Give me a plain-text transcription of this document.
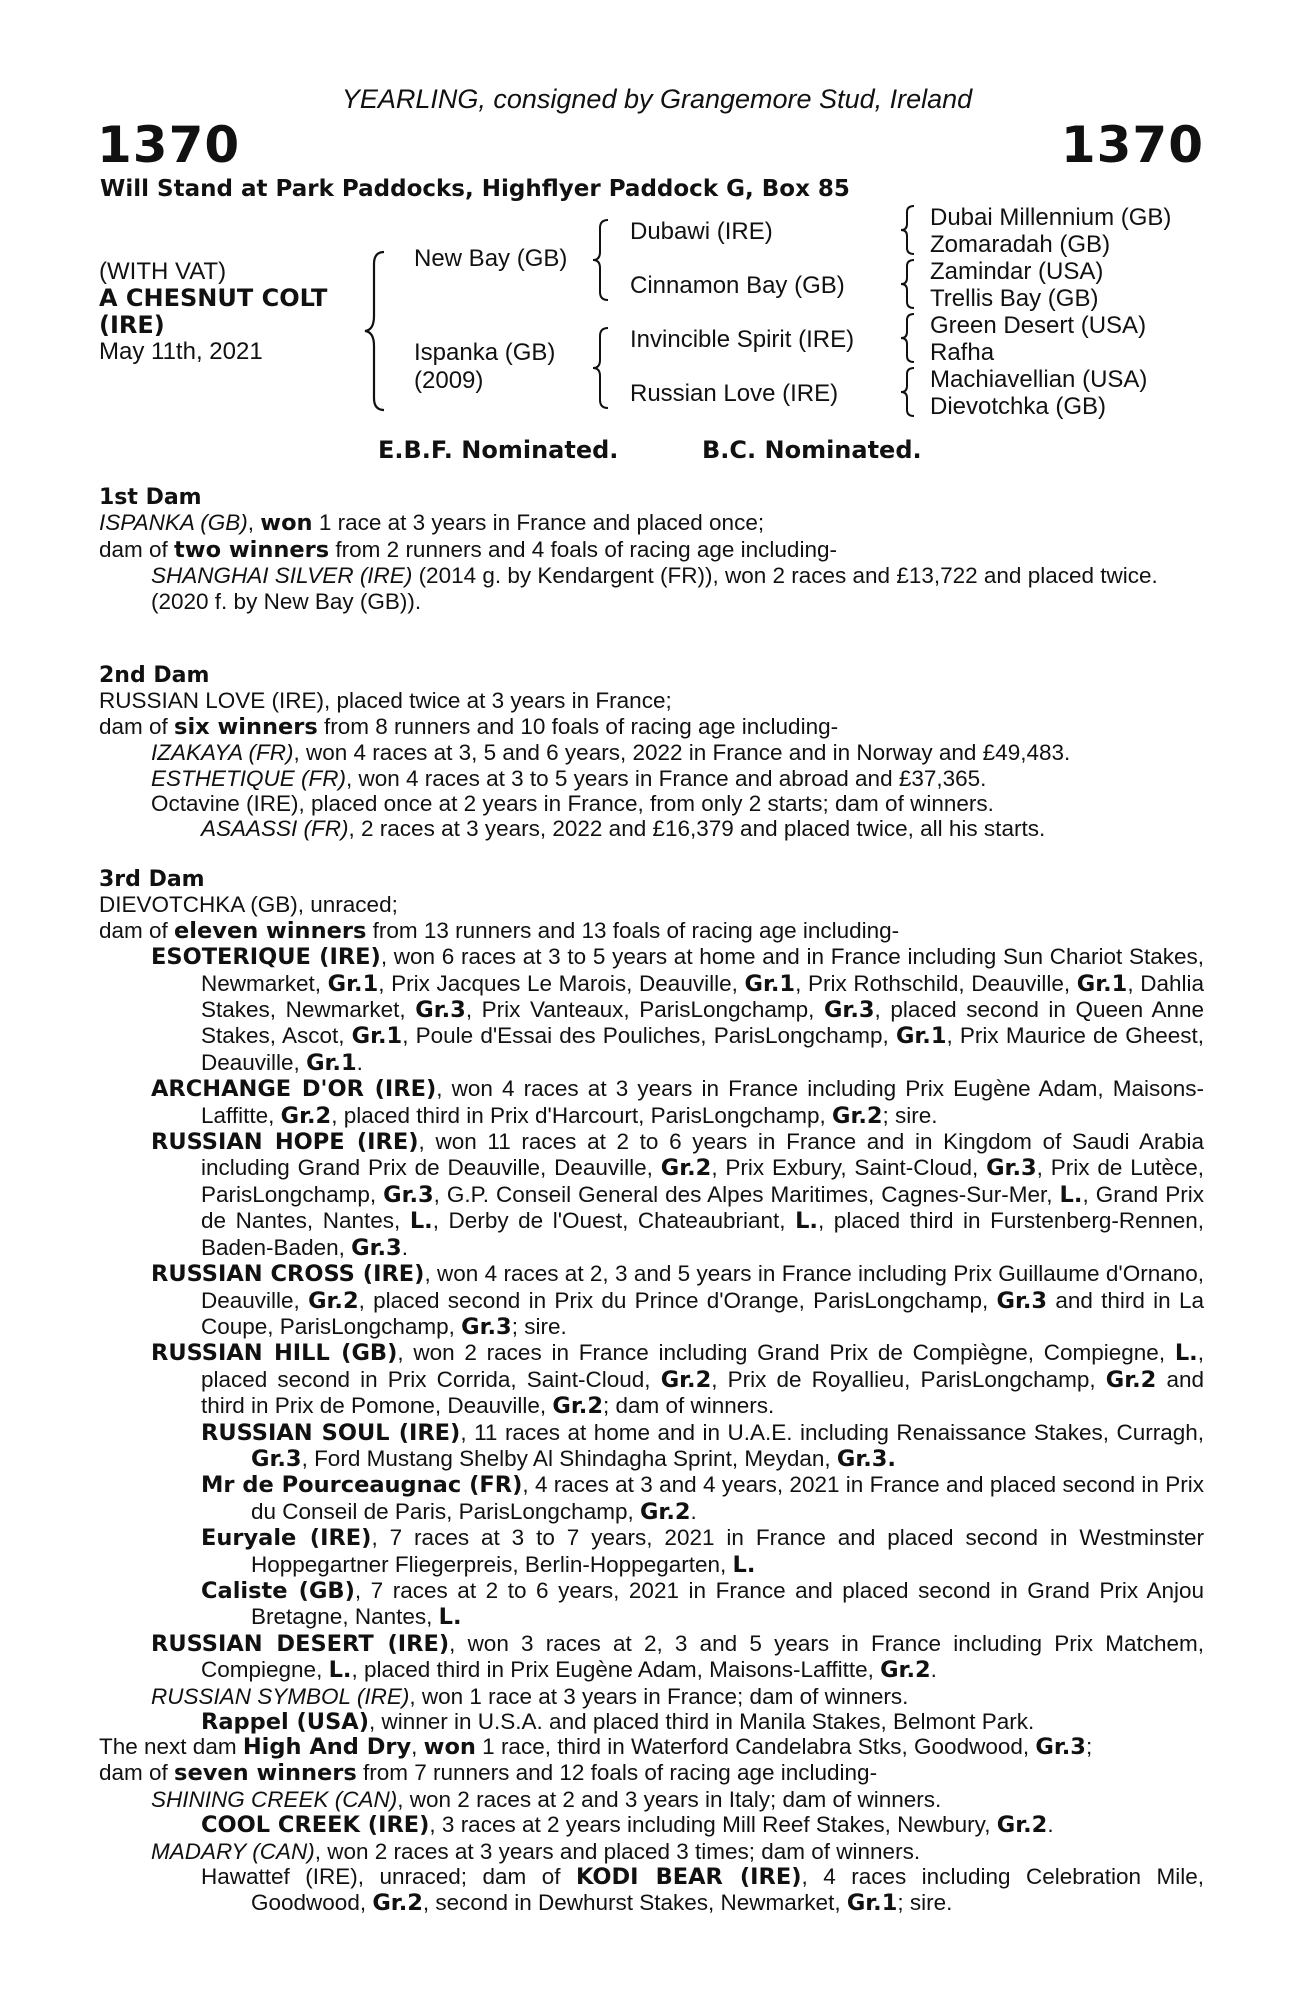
YEARLING, consigned by Grangemore Stud, Ireland
1370	1370
Will Stand at Park Paddocks, Highflyer Paddock G, Box 85
(WITH VAT)
A CHESNUT COLT
(IRE)
May 11th, 2021
New Bay (GB)
Ispanka (GB)
(2009)
Dubawi (IRE)
Cinnamon Bay (GB)
Invincible Spirit (IRE)
Russian Love (IRE)
Dubai Millennium (GB)
Zomaradah (GB)
Zamindar (USA)
Trellis Bay (GB)
Green Desert (USA)
Rafha
Machiavellian (USA)
Dievotchka (GB)
E.B.F. Nominated.	B.C. Nominated.

1st Dam

ISPANKA (GB), won 1 race at 3 years in France and placed once;

dam of two winners from 2 runners and 4 foals of racing age including-

SHANGHAI SILVER (IRE) (2014 g. by Kendargent (FR)), won 2 races and £13,722 and placed twice.

(2020 f. by New Bay (GB)).

2nd Dam

RUSSIAN LOVE (IRE), placed twice at 3 years in France;

dam of six winners from 8 runners and 10 foals of racing age including-

IZAKAYA (FR), won 4 races at 3, 5 and 6 years, 2022 in France and in Norway and £49,483.

ESTHETIQUE (FR), won 4 races at 3 to 5 years in France and abroad and £37,365.

Octavine (IRE), placed once at 2 years in France, from only 2 starts; dam of winners.

ASAASSI (FR), 2 races at 3 years, 2022 and £16,379 and placed twice, all his starts.

3rd Dam

DIEVOTCHKA (GB), unraced;

dam of eleven winners from 13 runners and 13 foals of racing age including-

ESOTERIQUE (IRE), won 6 races at 3 to 5 years at home and in France including Sun Chariot Stakes, Newmarket, Gr.1, Prix Jacques Le Marois, Deauville, Gr.1, Prix Rothschild, Deauville, Gr.1, Dahlia Stakes, Newmarket, Gr.3, Prix Vanteaux, ParisLongchamp, Gr.3, placed second in Queen Anne Stakes, Ascot, Gr.1, Poule d'Essai des Pouliches, ParisLongchamp, Gr.1, Prix Maurice de Gheest, Deauville, Gr.1.

ARCHANGE D'OR (IRE), won 4 races at 3 years in France including Prix Eugène Adam, Maisons-Laffitte, Gr.2, placed third in Prix d'Harcourt, ParisLongchamp, Gr.2; sire.

RUSSIAN HOPE (IRE), won 11 races at 2 to 6 years in France and in Kingdom of Saudi Arabia including Grand Prix de Deauville, Deauville, Gr.2, Prix Exbury, Saint-Cloud, Gr.3, Prix de Lutèce, ParisLongchamp, Gr.3, G.P. Conseil General des Alpes Maritimes, Cagnes-Sur-Mer, L., Grand Prix de Nantes, Nantes, L., Derby de l'Ouest, Chateaubriant, L., placed third in Furstenberg-Rennen, Baden-Baden, Gr.3.

RUSSIAN CROSS (IRE), won 4 races at 2, 3 and 5 years in France including Prix Guillaume d'Ornano, Deauville, Gr.2, placed second in Prix du Prince d'Orange, ParisLongchamp, Gr.3 and third in La Coupe, ParisLongchamp, Gr.3; sire.

RUSSIAN HILL (GB), won 2 races in France including Grand Prix de Compiègne, Compiegne, L., placed second in Prix Corrida, Saint-Cloud, Gr.2, Prix de Royallieu, ParisLongchamp, Gr.2 and third in Prix de Pomone, Deauville, Gr.2; dam of winners.

RUSSIAN SOUL (IRE), 11 races at home and in U.A.E. including Renaissance Stakes, Curragh, Gr.3, Ford Mustang Shelby Al Shindagha Sprint, Meydan, Gr.3.

Mr de Pourceaugnac (FR), 4 races at 3 and 4 years, 2021 in France and placed second in Prix du Conseil de Paris, ParisLongchamp, Gr.2.

Euryale (IRE), 7 races at 3 to 7 years, 2021 in France and placed second in Westminster Hoppegartner Fliegerpreis, Berlin-Hoppegarten, L.

Caliste (GB), 7 races at 2 to 6 years, 2021 in France and placed second in Grand Prix Anjou Bretagne, Nantes, L.

RUSSIAN DESERT (IRE), won 3 races at 2, 3 and 5 years in France including Prix Matchem, Compiegne, L., placed third in Prix Eugène Adam, Maisons-Laffitte, Gr.2.

RUSSIAN SYMBOL (IRE), won 1 race at 3 years in France; dam of winners.

Rappel (USA), winner in U.S.A. and placed third in Manila Stakes, Belmont Park.

The next dam High And Dry, won 1 race, third in Waterford Candelabra Stks, Goodwood, Gr.3;

dam of seven winners from 7 runners and 12 foals of racing age including-

SHINING CREEK (CAN), won 2 races at 2 and 3 years in Italy; dam of winners.

COOL CREEK (IRE), 3 races at 2 years including Mill Reef Stakes, Newbury, Gr.2.

MADARY (CAN), won 2 races at 3 years and placed 3 times; dam of winners.

Hawattef (IRE), unraced; dam of KODI BEAR (IRE), 4 races including Celebration Mile, Goodwood, Gr.2, second in Dewhurst Stakes, Newmarket, Gr.1; sire.
